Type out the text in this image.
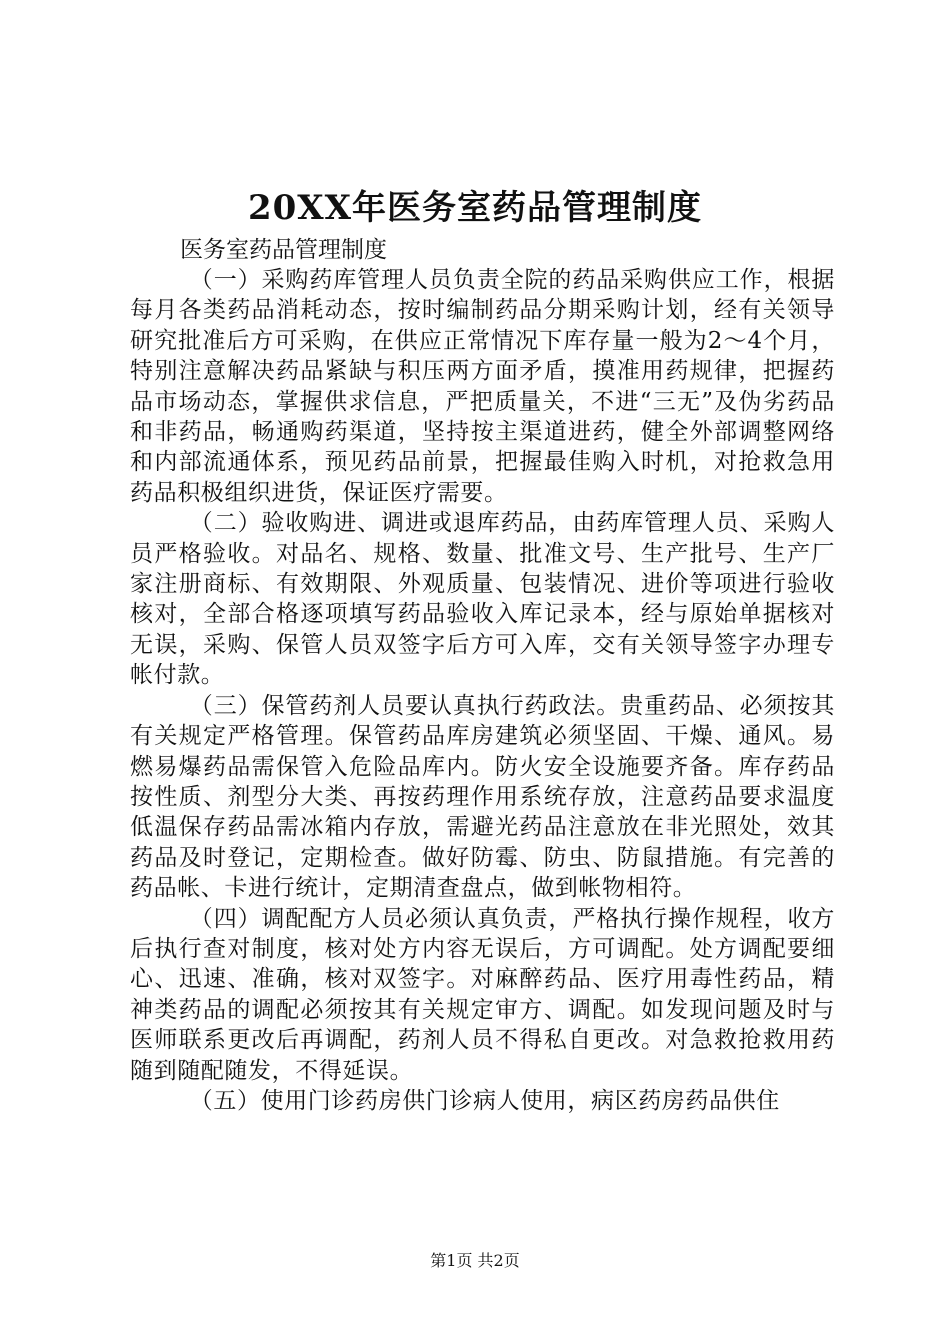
20XX年医务室药品管理制度
医务室药品管理制度

（一）采购药库管理人员负责全院的药品采购供应工作，根据每月各类药品消耗动态，按时编制药品分期采购计划，经有关领导研究批准后方可采购，在供应正常情况下库存量一般为2～4个月，特别注意解决药品紧缺与积压两方面矛盾，摸准用药规律，把握药品市场动态，掌握供求信息，严把质量关，不进“三无”及伪劣药品和非药品，畅通购药渠道，坚持按主渠道进药，健全外部调整网络和内部流通体系，预见药品前景，把握最佳购入时机，对抢救急用药品积极组织进货，保证医疗需要。

（二）验收购进、调进或退库药品，由药库管理人员、采购人员严格验收。对品名、规格、数量、批准文号、生产批号、生产厂家注册商标、有效期限、外观质量、包装情况、进价等项进行验收核对，全部合格逐项填写药品验收入库记录本，经与原始单据核对无误，采购、保管人员双签字后方可入库，交有关领导签字办理专帐付款。

（三）保管药剂人员要认真执行药政法。贵重药品、必须按其有关规定严格管理。保管药品库房建筑必须坚固、干燥、通风。易燃易爆药品需保管入危险品库内。防火安全设施要齐备。库存药品按性质、剂型分大类、再按药理作用系统存放，注意药品要求温度低温保存药品需冰箱内存放，需避光药品注意放在非光照处，效其药品及时登记，定期检查。做好防霉、防虫、防鼠措施。有完善的药品帐、卡进行统计，定期清查盘点，做到帐物相符。

（四）调配配方人员必须认真负责，严格执行操作规程，收方后执行查对制度，核对处方内容无误后，方可调配。处方调配要细心、迅速、准确，核对双签字。对麻醉药品、医疗用毒性药品，精神类药品的调配必须按其有关规定审方、调配。如发现问题及时与医师联系更改后再调配，药剂人员不得私自更改。对急救抢救用药随到随配随发，不得延误。

（五）使用门诊药房供门诊病人使用，病区药房药品供住

第1页 共2页
